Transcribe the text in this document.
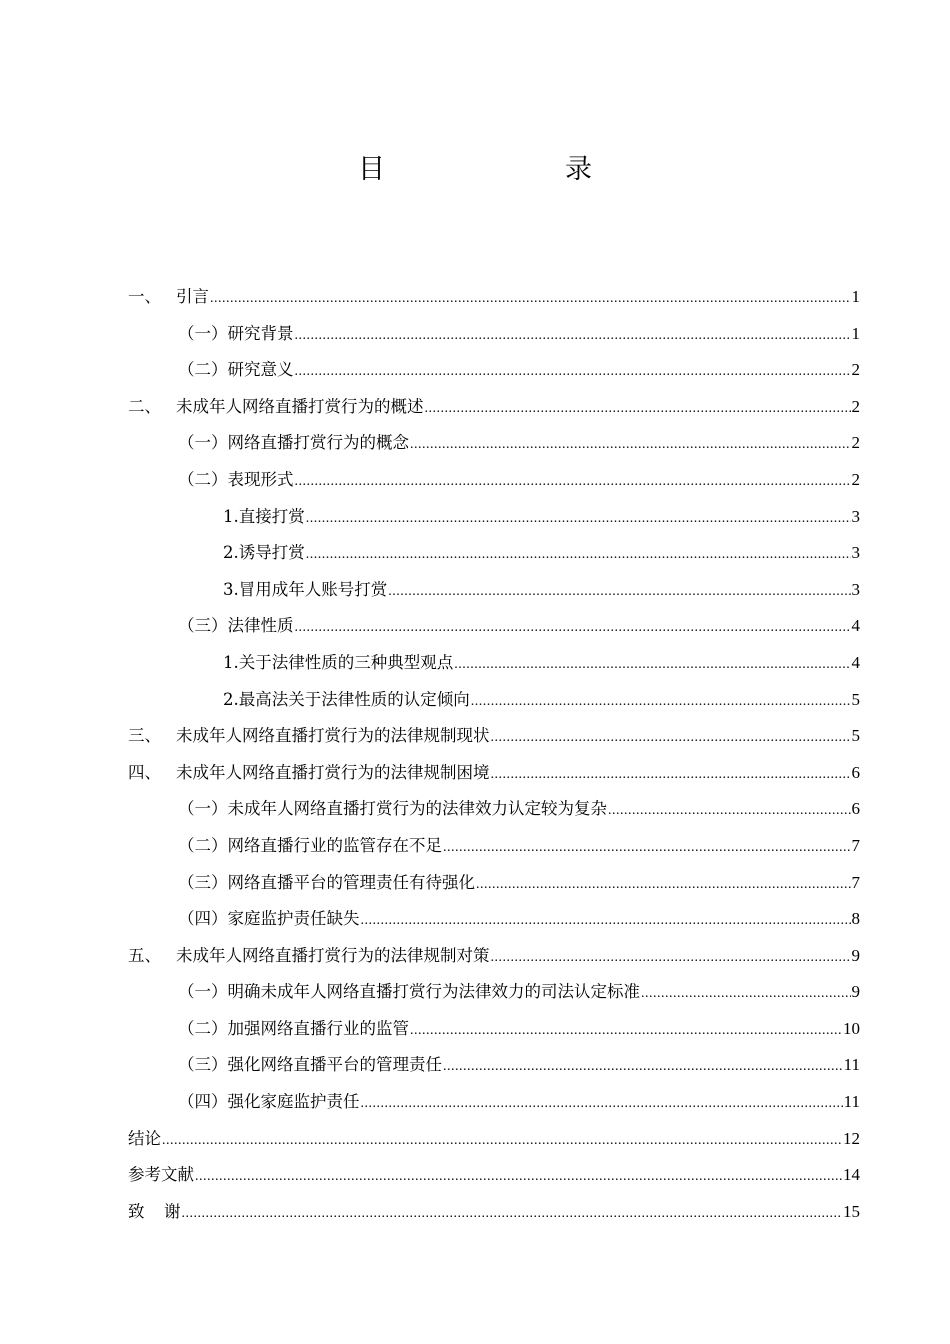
目　　录
一、 引言 .....	1
（一）研究背景 .....	1
（二）研究意义 .....	2
二、 未成年人网络直播打赏行为的概述 .....	2
（一）网络直播打赏行为的概念 .....	2
（二）表现形式 .....	2
1.直接打赏 .....	3
2.诱导打赏 .....	3
3.冒用成年人账号打赏 .....	3
（三）法律性质 .....	4
1.关于法律性质的三种典型观点 .....	4
2.最高法关于法律性质的认定倾向 .....	5
三、 未成年人网络直播打赏行为的法律规制现状 .....	5
四、 未成年人网络直播打赏行为的法律规制困境 .....	6
（一）未成年人网络直播打赏行为的法律效力认定较为复杂 .....	6
（二）网络直播行业的监管存在不足 .....	7
（三）网络直播平台的管理责任有待强化 .....	7
（四）家庭监护责任缺失 .....	8
五、 未成年人网络直播打赏行为的法律规制对策 .....	9
（一）明确未成年人网络直播打赏行为法律效力的司法认定标准 .....	9
（二）加强网络直播行业的监管 .....	10
（三）强化网络直播平台的管理责任 .....	11
（四）强化家庭监护责任 .....	11
结论 .....	12
参考文献 .....	14
致 谢 .....	15
